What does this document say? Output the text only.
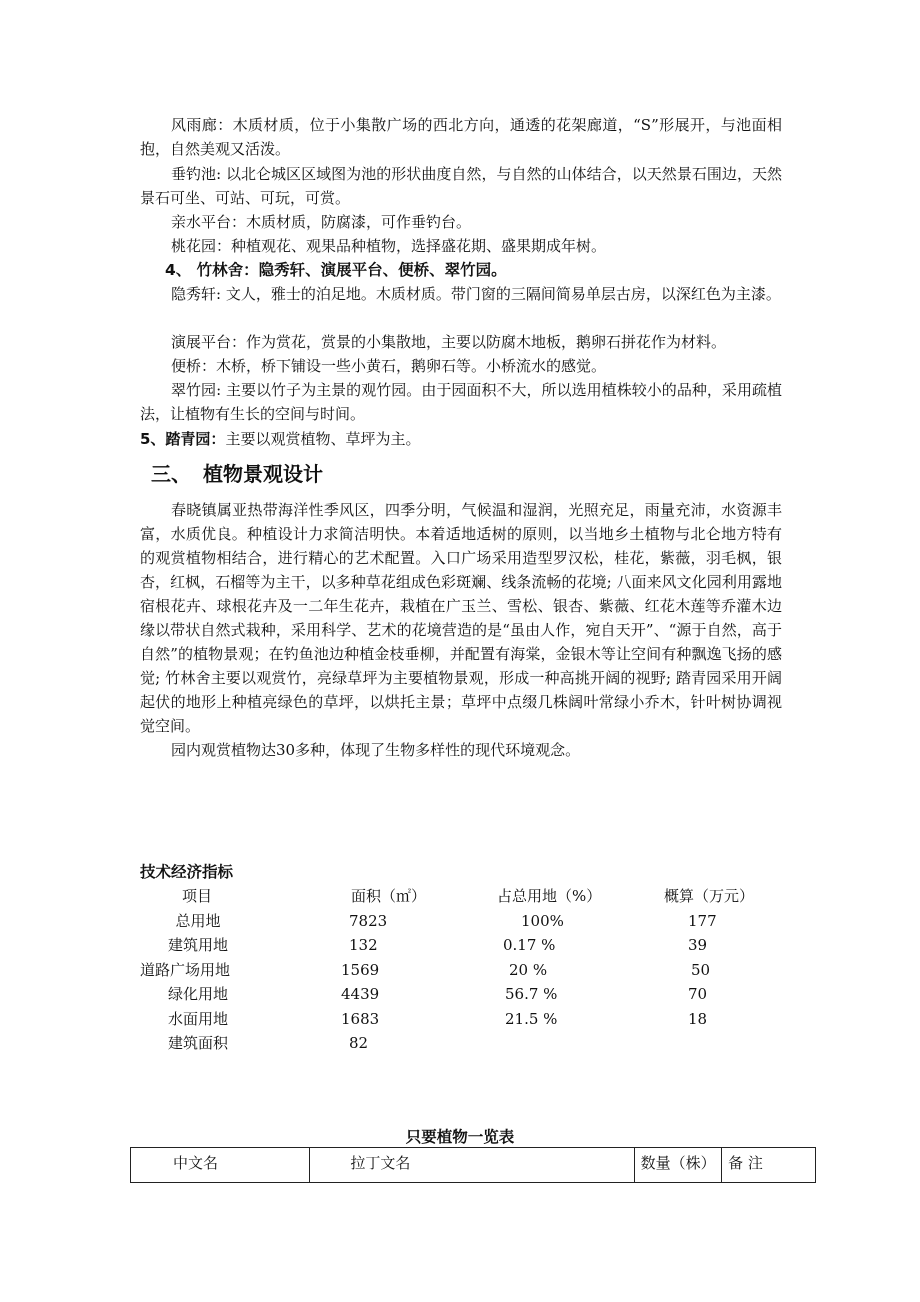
风雨廊：木质材质，位于小集散广场的西北方向，通透的花架廊道，“S”形展开，与池面相抱，自然美观又活泼。

垂钓池: 以北仑城区区域图为池的形状曲度自然，与自然的山体结合，以天然景石围边，天然景石可坐、可站、可玩，可赏。

亲水平台：木质材质，防腐漆，可作垂钓台。

桃花园：种植观花、观果品种植物，选择盛花期、盛果期成年树。

4、 竹林舍：隐秀轩、演展平台、便桥、翠竹园。

隐秀轩: 文人，雅士的泊足地。木质材质。带门窗的三隔间简易单层古房，以深红色为主漆。

演展平台：作为赏花，赏景的小集散地，主要以防腐木地板，鹅卵石拼花作为材料。

便桥：木桥，桥下铺设一些小黄石，鹅卵石等。小桥流水的感觉。

翠竹园: 主要以竹子为主景的观竹园。由于园面积不大，所以选用植株较小的品种，采用疏植法，让植物有生长的空间与时间。

5、踏青园：主要以观赏植物、草坪为主。

三、 植物景观设计

春晓镇属亚热带海洋性季风区，四季分明，气候温和湿润，光照充足，雨量充沛，水资源丰富，水质优良。种植设计力求简洁明快。本着适地适树的原则，以当地乡土植物与北仑地方特有的观赏植物相结合，进行精心的艺术配置。入口广场采用造型罗汉松，桂花，紫薇，羽毛枫，银杏，红枫，石榴等为主干，以多种草花组成色彩斑斓、线条流畅的花境; 八面来风文化园利用露地宿根花卉、球根花卉及一二年生花卉，栽植在广玉兰、雪松、银杏、紫薇、红花木莲等乔灌木边缘以带状自然式栽种，采用科学、艺术的花境营造的是“虽由人作，宛自天开”、“源于自然，高于自然”的植物景观；在钓鱼池边种植金枝垂柳，并配置有海棠，金银木等让空间有种飘逸飞扬的感觉; 竹林舍主要以观赏竹，亮绿草坪为主要植物景观，形成一种高挑开阔的视野; 踏青园采用开阔起伏的地形上种植亮绿色的草坪，以烘托主景；草坪中点缀几株阔叶常绿小乔木，针叶树协调视觉空间。

园内观赏植物达30多种，体现了生物多样性的现代环境观念。

技术经济指标

项目	面积（㎡）	占总用地（%）	概算（万元）
总用地	7823	100%	177
建筑用地	132	0.17 %	39
道路广场用地	1569	20 %	50
绿化用地	4439	56.7 %	70
水面用地	1683	21.5 %	18
建筑面积	82

只要植物一览表

中文名	拉丁文名	数量（株）	备 注
